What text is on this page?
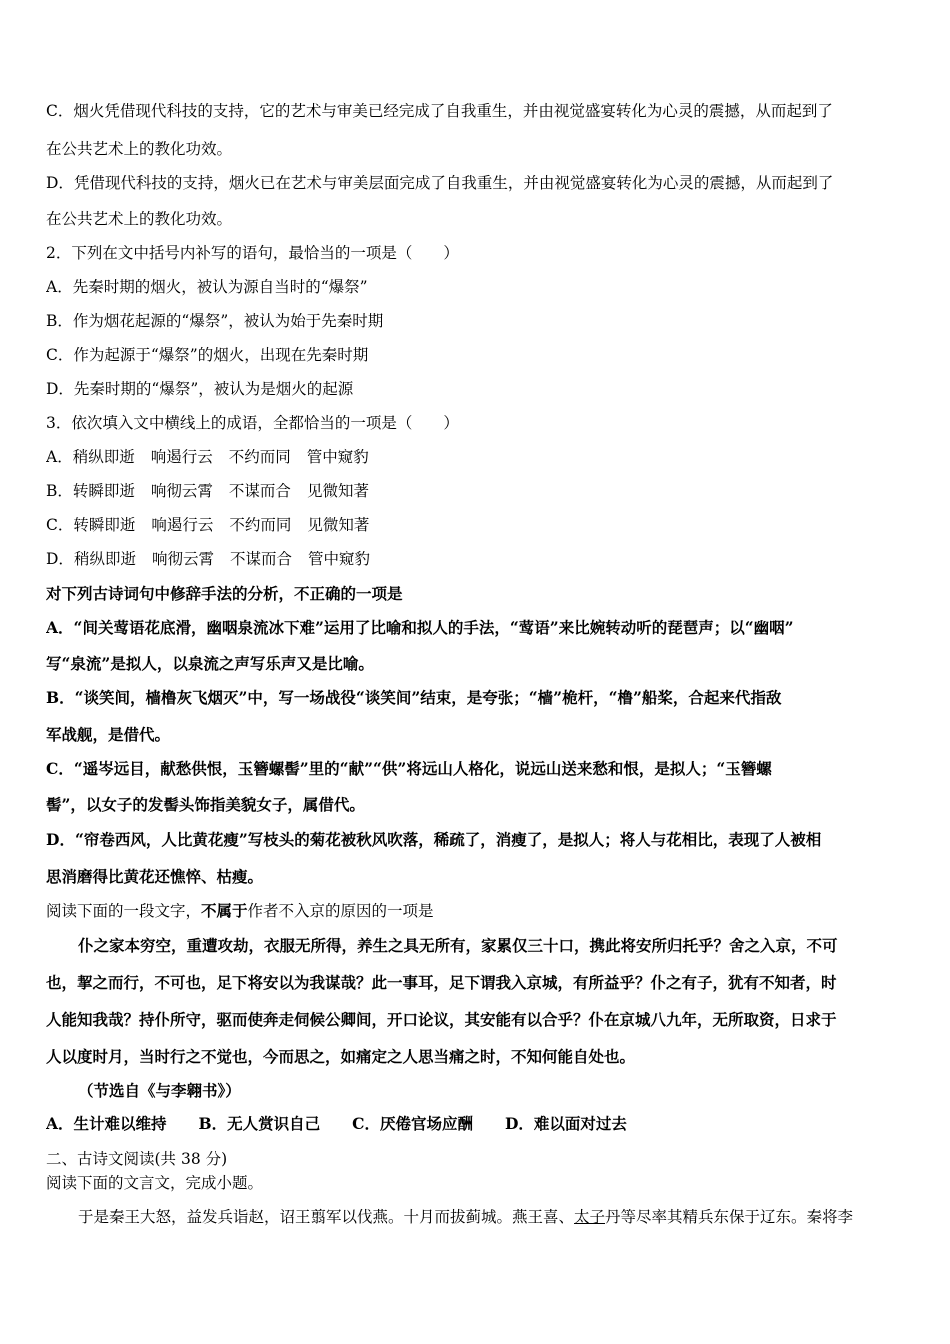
C．烟火凭借现代科技的支持，它的艺术与审美已经完成了自我重生，并由视觉盛宴转化为心灵的震撼，从而起到了
在公共艺术上的教化功效。
D．凭借现代科技的支持，烟火已在艺术与审美层面完成了自我重生，并由视觉盛宴转化为心灵的震撼，从而起到了
在公共艺术上的教化功效。
2．下列在文中括号内补写的语句，最恰当的一项是（　　）
A．先秦时期的烟火，被认为源自当时的“爆祭”
B．作为烟花起源的“爆祭”，被认为始于先秦时期
C．作为起源于“爆祭”的烟火，出现在先秦时期
D．先秦时期的“爆祭”，被认为是烟火的起源
3．依次填入文中横线上的成语，全都恰当的一项是（　　）
A．稍纵即逝 响遏行云 不约而同 管中窥豹
B．转瞬即逝 响彻云霄 不谋而合 见微知著
C．转瞬即逝 响遏行云 不约而同 见微知著
D．稍纵即逝 响彻云霄 不谋而合 管中窥豹
对下列古诗词句中修辞手法的分析，不正确的一项是
A．“间关莺语花底滑，幽咽泉流冰下难”运用了比喻和拟人的手法，“莺语”来比婉转动听的琵琶声；以“幽咽”
写“泉流”是拟人，以泉流之声写乐声又是比喻。
B．“谈笑间，樯橹灰飞烟灭”中，写一场战役“谈笑间”结束，是夸张；“樯”桅杆，“橹”船桨，合起来代指敌
军战舰，是借代。
C．“遥岑远目，献愁供恨，玉簪螺髻”里的“献”“供”将远山人格化，说远山送来愁和恨，是拟人；“玉簪螺
髻”，以女子的发髻头饰指美貌女子，属借代。
D．“帘卷西风，人比黄花瘦”写枝头的菊花被秋风吹落，稀疏了，消瘦了，是拟人；将人与花相比，表现了人被相
思消磨得比黄花还憔悴、枯瘦。
阅读下面的一段文字，不属于作者不入京的原因的一项是
仆之家本穷空，重遭攻劫，衣服无所得，养生之具无所有，家累仅三十口，携此将安所归托乎？舍之入京，不可
也，挈之而行，不可也，足下将安以为我谋哉？此一事耳，足下谓我入京城，有所益乎？仆之有子，犹有不知者，时
人能知我哉？持仆所守，驱而使奔走伺候公卿间，开口论议，其安能有以合乎？仆在京城八九年，无所取资，日求于
人以度时月，当时行之不觉也，今而思之，如痛定之人思当痛之时，不知何能自处也。
（节选自《与李翱书》）
A．生计难以维持 B．无人赏识自己 C．厌倦官场应酬 D．难以面对过去
二、古诗文阅读(共 38 分)
阅读下面的文言文，完成小题。
于是秦王大怒，益发兵诣赵，诏王翦军以伐燕。十月而拔蓟城。燕王喜、太子丹等尽率其精兵东保于辽东。秦将李
